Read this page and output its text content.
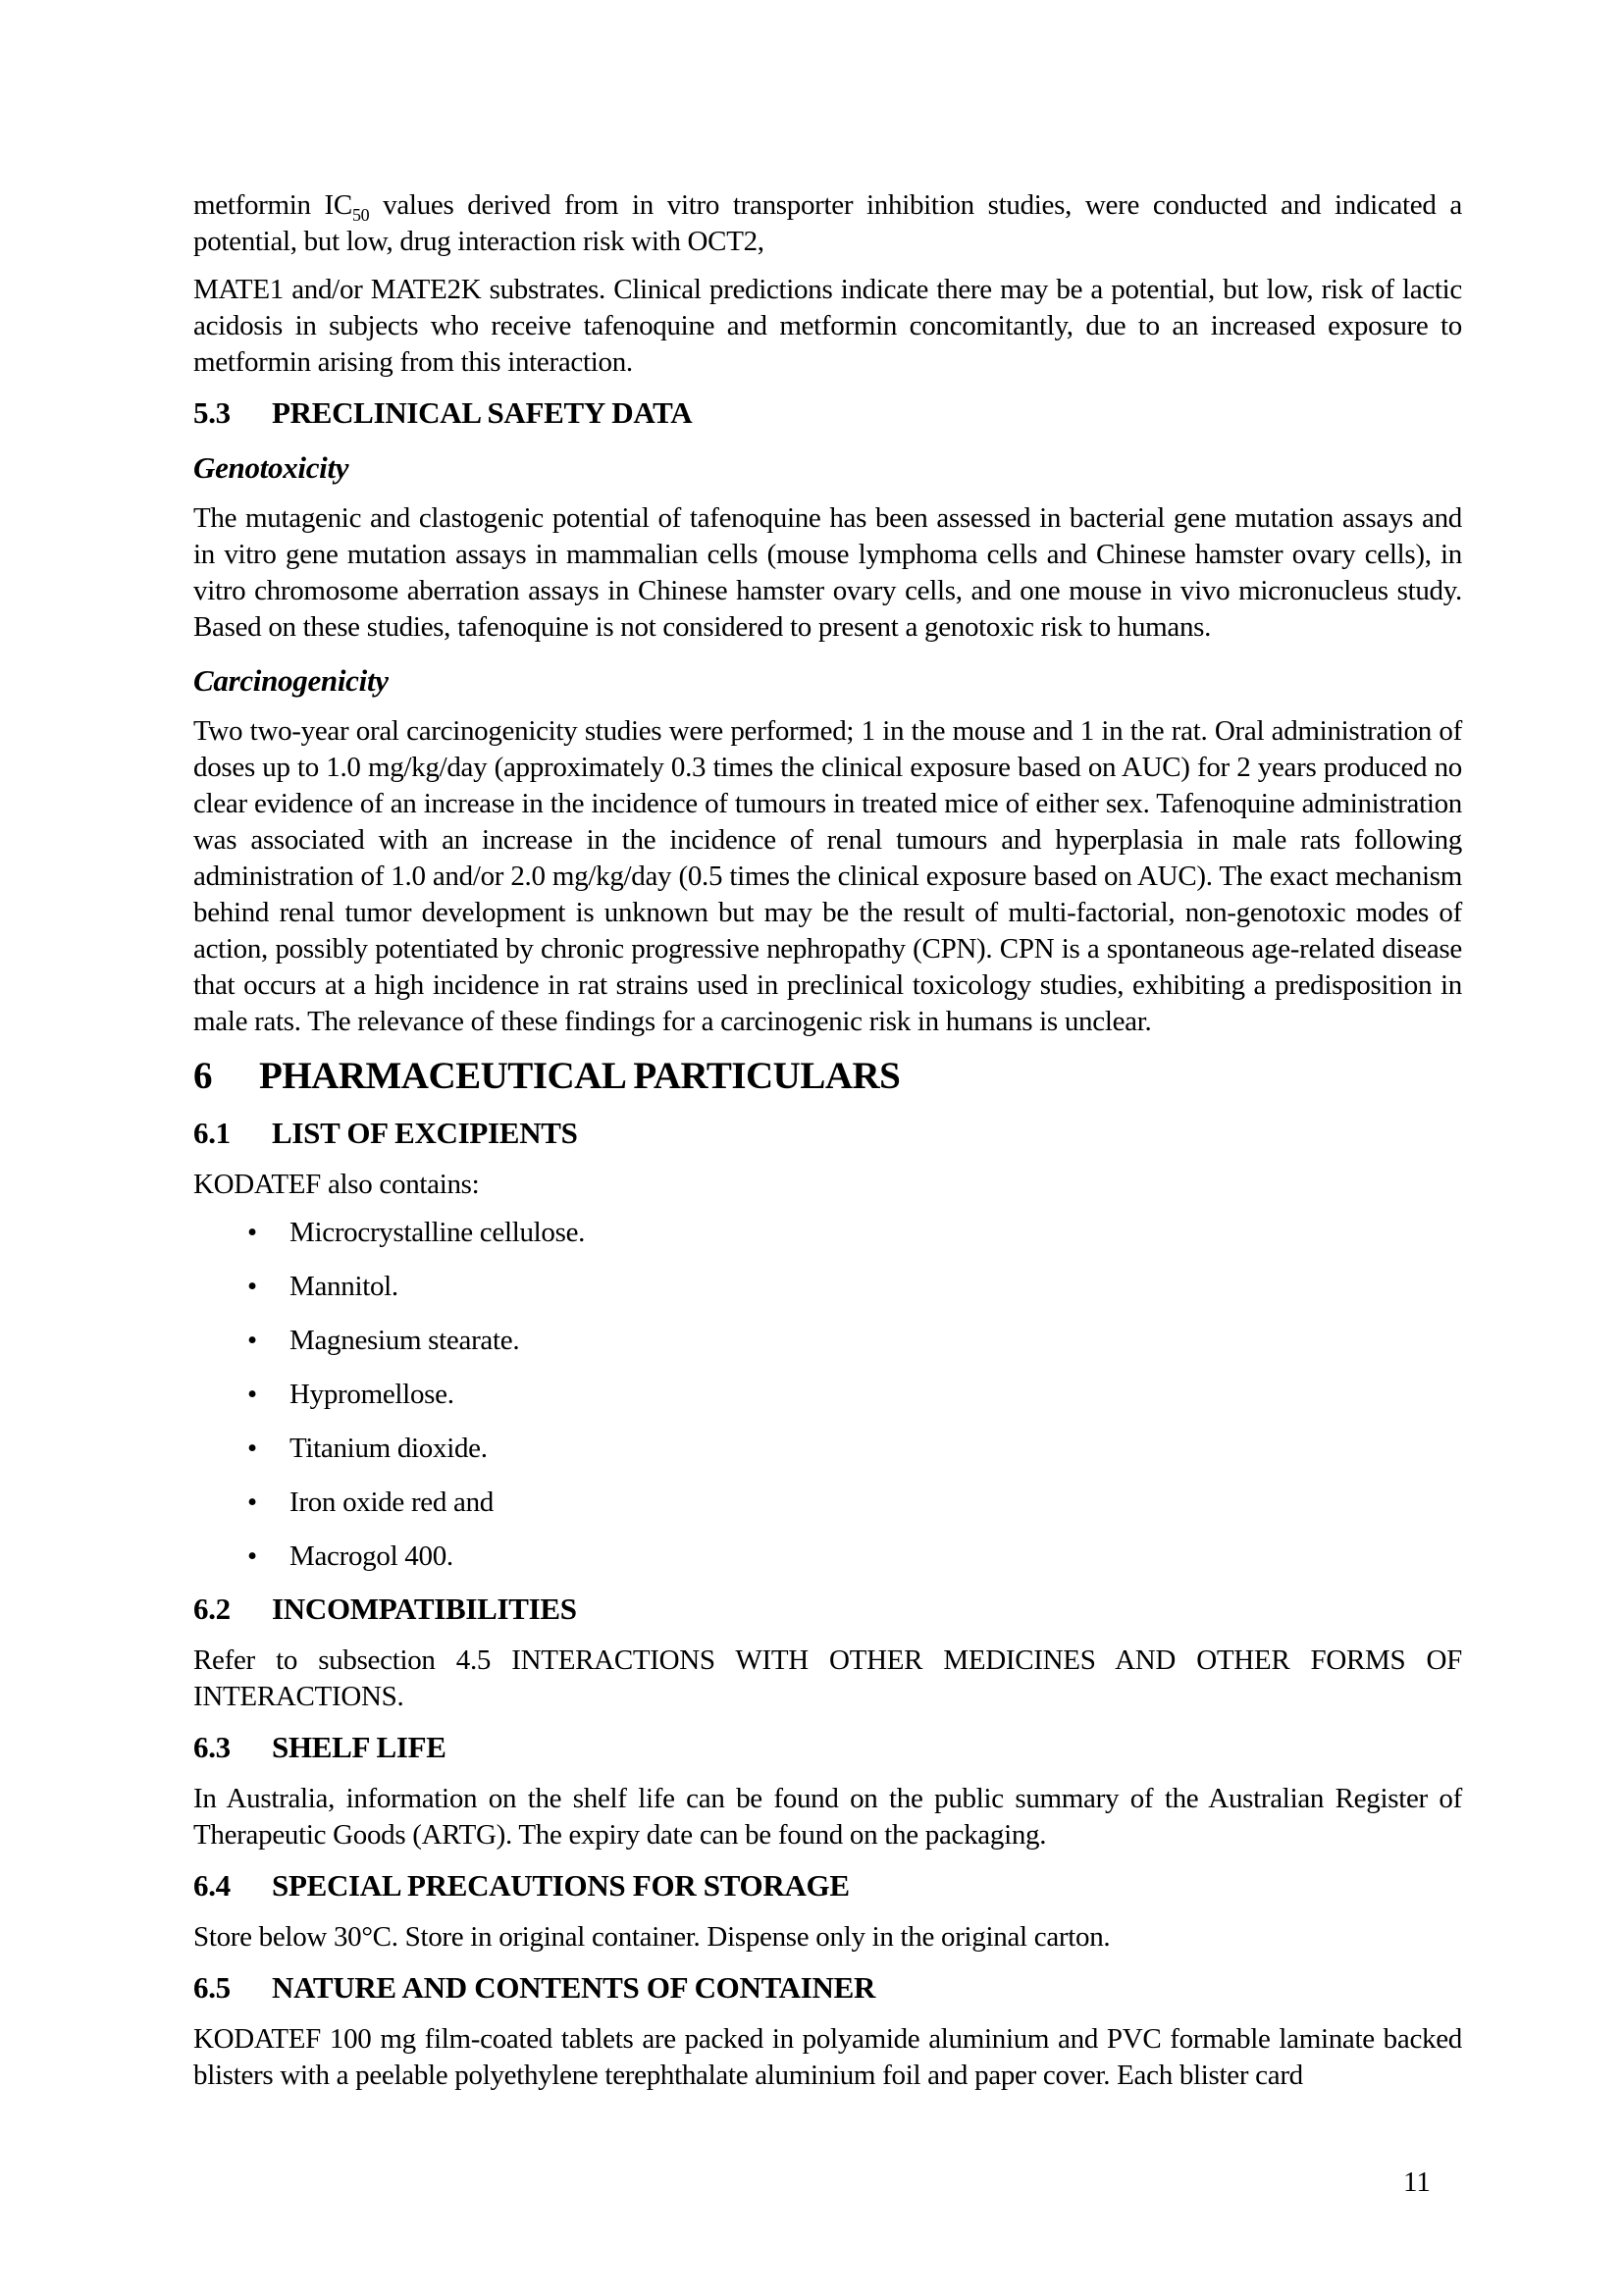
metformin $IC_{50}$ values derived from in vitro transporter inhibition studies, were conducted and indicated a potential, but low, drug interaction risk with OCT2,

MATE1 and/or MATE2K substrates. Clinical predictions indicate there may be a potential, but low, risk of lactic acidosis in subjects who receive tafenoquine and metformin concomitantly, due to an increased exposure to metformin arising from this interaction.

5.3 PRECLINICAL SAFETY DATA
Genotoxicity

The mutagenic and clastogenic potential of tafenoquine has been assessed in bacterial gene mutation assays and in vitro gene mutation assays in mammalian cells (mouse lymphoma cells and Chinese hamster ovary cells), in vitro chromosome aberration assays in Chinese hamster ovary cells, and one mouse in vivo micronucleus study. Based on these studies, tafenoquine is not considered to present a genotoxic risk to humans.

Carcinogenicity

Two two-year oral carcinogenicity studies were performed; 1 in the mouse and 1 in the rat. Oral administration of doses up to 1.0 mg/kg/day (approximately 0.3 times the clinical exposure based on AUC) for 2 years produced no clear evidence of an increase in the incidence of tumours in treated mice of either sex. Tafenoquine administration was associated with an increase in the incidence of renal tumours and hyperplasia in male rats following administration of 1.0 and/or 2.0 mg/kg/day (0.5 times the clinical exposure based on AUC). The exact mechanism behind renal tumor development is unknown but may be the result of multi-factorial, non-genotoxic modes of action, possibly potentiated by chronic progressive nephropathy (CPN). CPN is a spontaneous age-related disease that occurs at a high incidence in rat strains used in preclinical toxicology studies, exhibiting a predisposition in male rats. The relevance of these findings for a carcinogenic risk in humans is unclear.

6 PHARMACEUTICAL PARTICULARS
6.1 LIST OF EXCIPIENTS

KODATEF also contains:

• Microcrystalline cellulose.
• Mannitol.
• Magnesium stearate.
• Hypromellose.
• Titanium dioxide.
• Iron oxide red and
• Macrogol 400.
6.2 INCOMPATIBILITIES

Refer to subsection 4.5 INTERACTIONS WITH OTHER MEDICINES AND OTHER FORMS OF INTERACTIONS.

6.3 SHELF LIFE

In Australia, information on the shelf life can be found on the public summary of the Australian Register of Therapeutic Goods (ARTG). The expiry date can be found on the packaging.

6.4 SPECIAL PRECAUTIONS FOR STORAGE

Store below 30°C. Store in original container. Dispense only in the original carton.

6.5 NATURE AND CONTENTS OF CONTAINER

KODATEF 100 mg film-coated tablets are packed in polyamide aluminium and PVC formable laminate backed blisters with a peelable polyethylene terephthalate aluminium foil and paper cover. Each blister card

11
